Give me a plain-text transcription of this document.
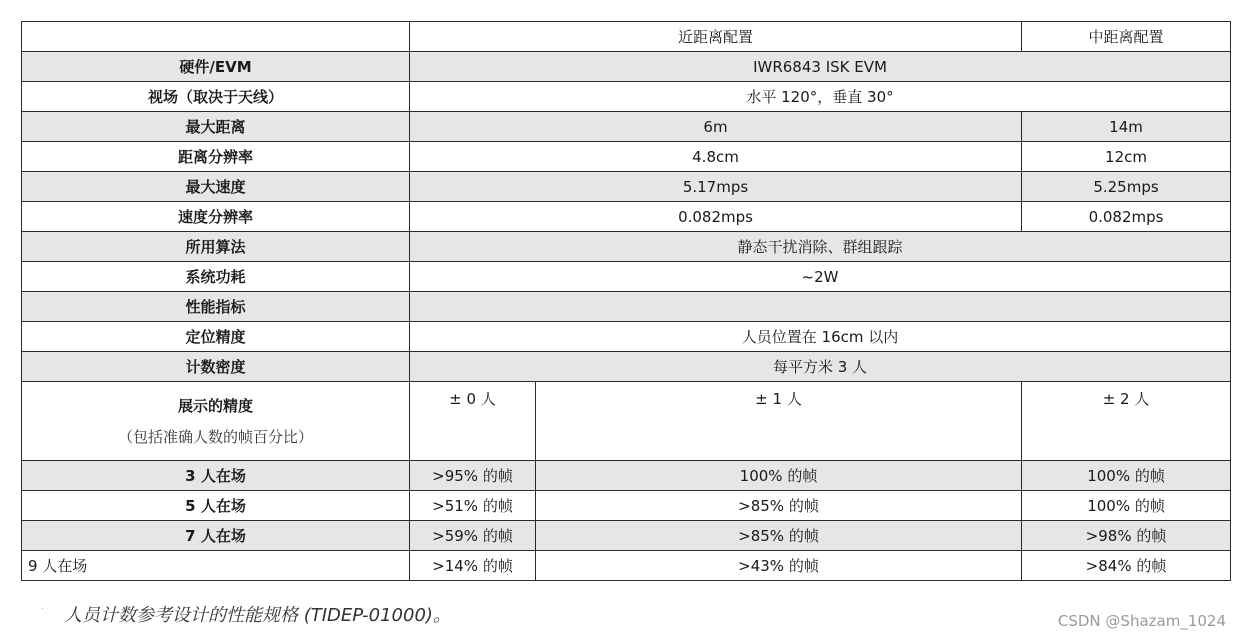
	近距离配置		中距离配置
硬件/EVM	IWR6843 ISK EVM		
视场（取决于天线）	水平 120°，垂直 30°		
最大距离	6m		14m
距离分辨率	4.8cm		12cm
最大速度	5.17mps		5.25mps
速度分辨率	0.082mps		0.082mps
所用算法	静态干扰消除、群组跟踪		
系统功耗	~2W		
性能指标			
定位精度	人员位置在 16cm 以内		
计数密度	每平方米 3 人		

展示的精度
（包括准确人数的帧百分比）	± 0 人	± 1 人	± 2 人
3 人在场	>95% 的帧	100% 的帧	100% 的帧
5 人在场	>51% 的帧	>85% 的帧	100% 的帧
7 人在场	>59% 的帧	>85% 的帧	>98% 的帧
9 人在场	>14% 的帧	>43% 的帧	>84% 的帧
· 人员计数参考设计的性能规格 (TIDEP-01000)。	CSDN @Shazam_1024
